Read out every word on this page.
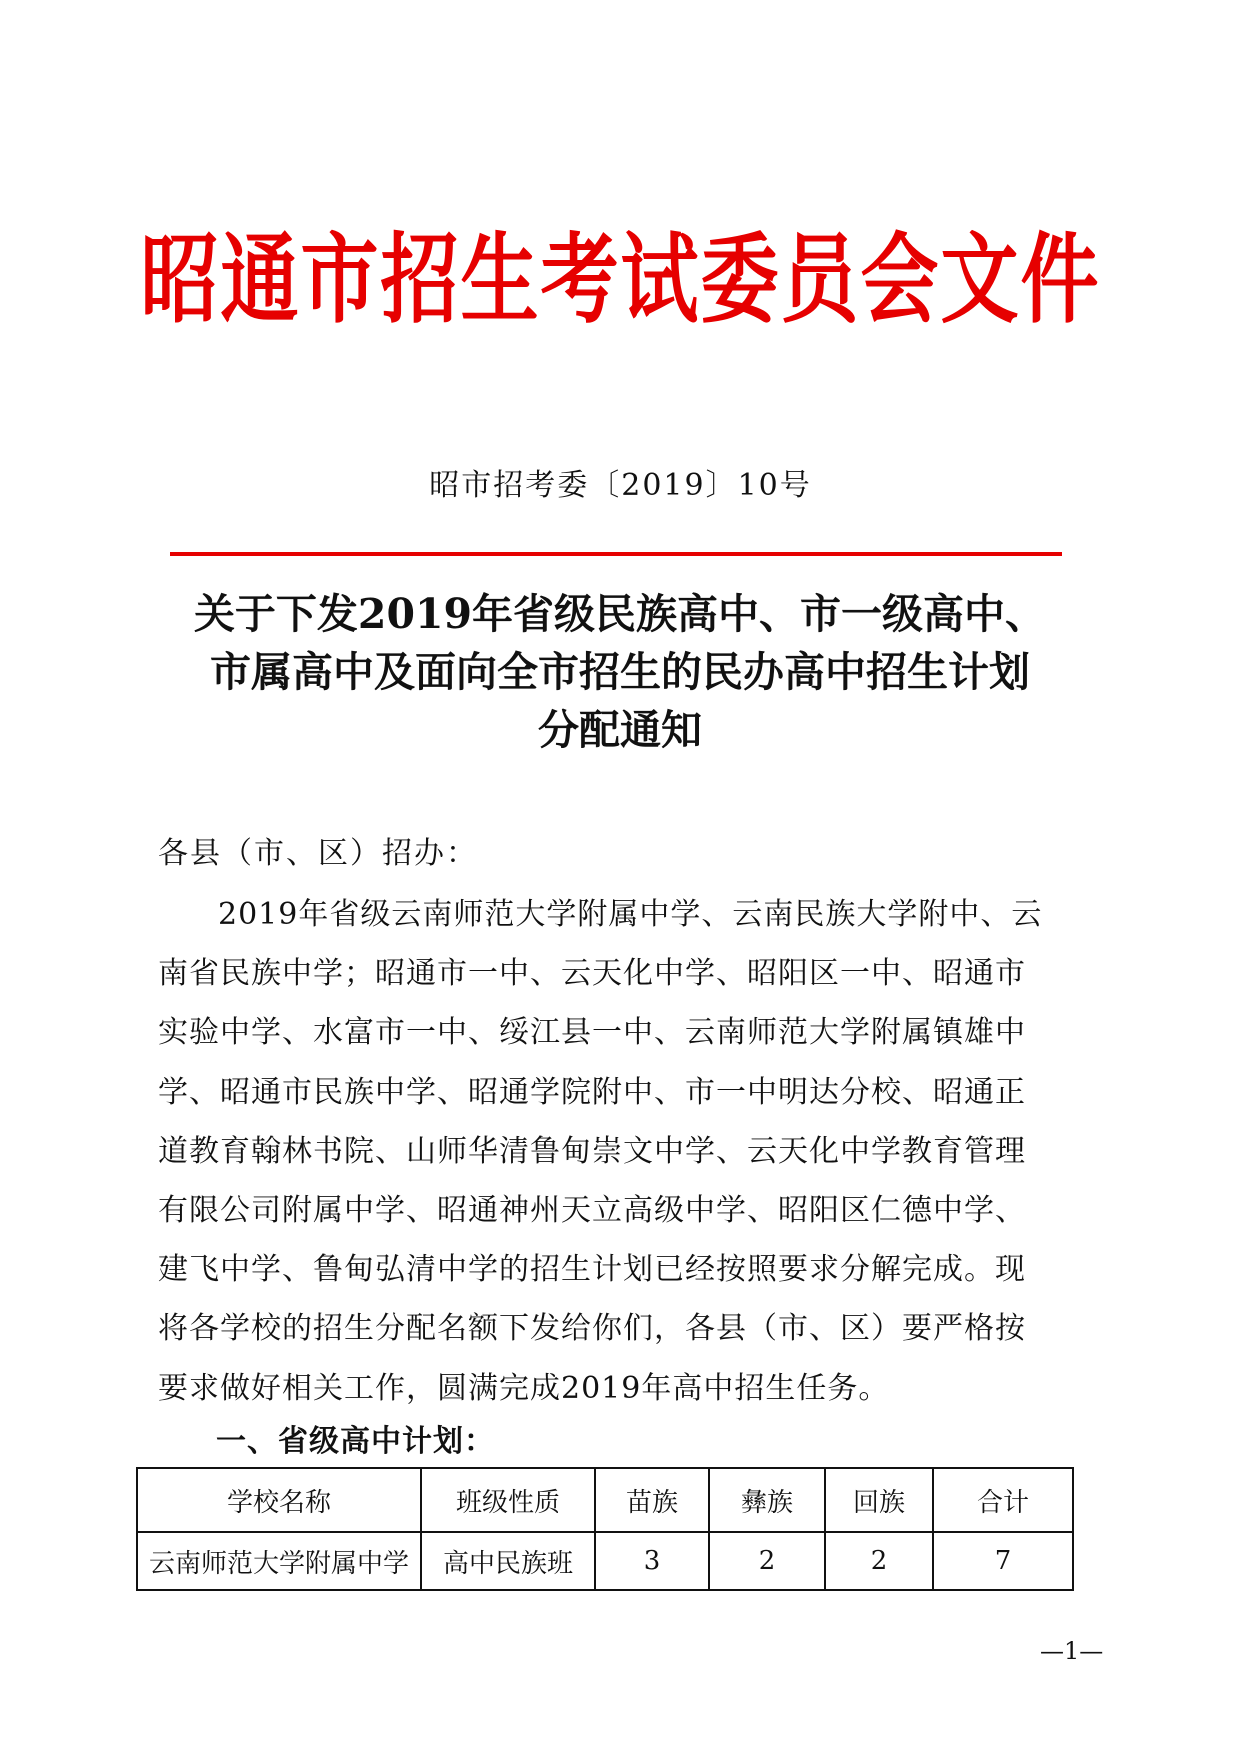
昭通市招生考试委员会文件
昭市招考委〔2019〕10号
关于下发2019年省级民族高中、市一级高中、
市属高中及面向全市招生的民办高中招生计划
分配通知
各县（市、区）招办：
2019年省级云南师范大学附属中学、云南民族大学附中、云
南省民族中学；昭通市一中、云天化中学、昭阳区一中、昭通市
实验中学、水富市一中、绥江县一中、云南师范大学附属镇雄中
学、昭通市民族中学、昭通学院附中、市一中明达分校、昭通正
道教育翰林书院、山师华清鲁甸崇文中学、云天化中学教育管理
有限公司附属中学、昭通神州天立高级中学、昭阳区仁德中学、
建飞中学、鲁甸弘清中学的招生计划已经按照要求分解完成。现
将各学校的招生分配名额下发给你们，各县（市、区）要严格按
要求做好相关工作，圆满完成2019年高中招生任务。
一、省级高中计划：
学校名称	班级性质	苗族	彝族	回族	合计
云南师范大学附属中学	高中民族班	3	2	2	7
—1—
